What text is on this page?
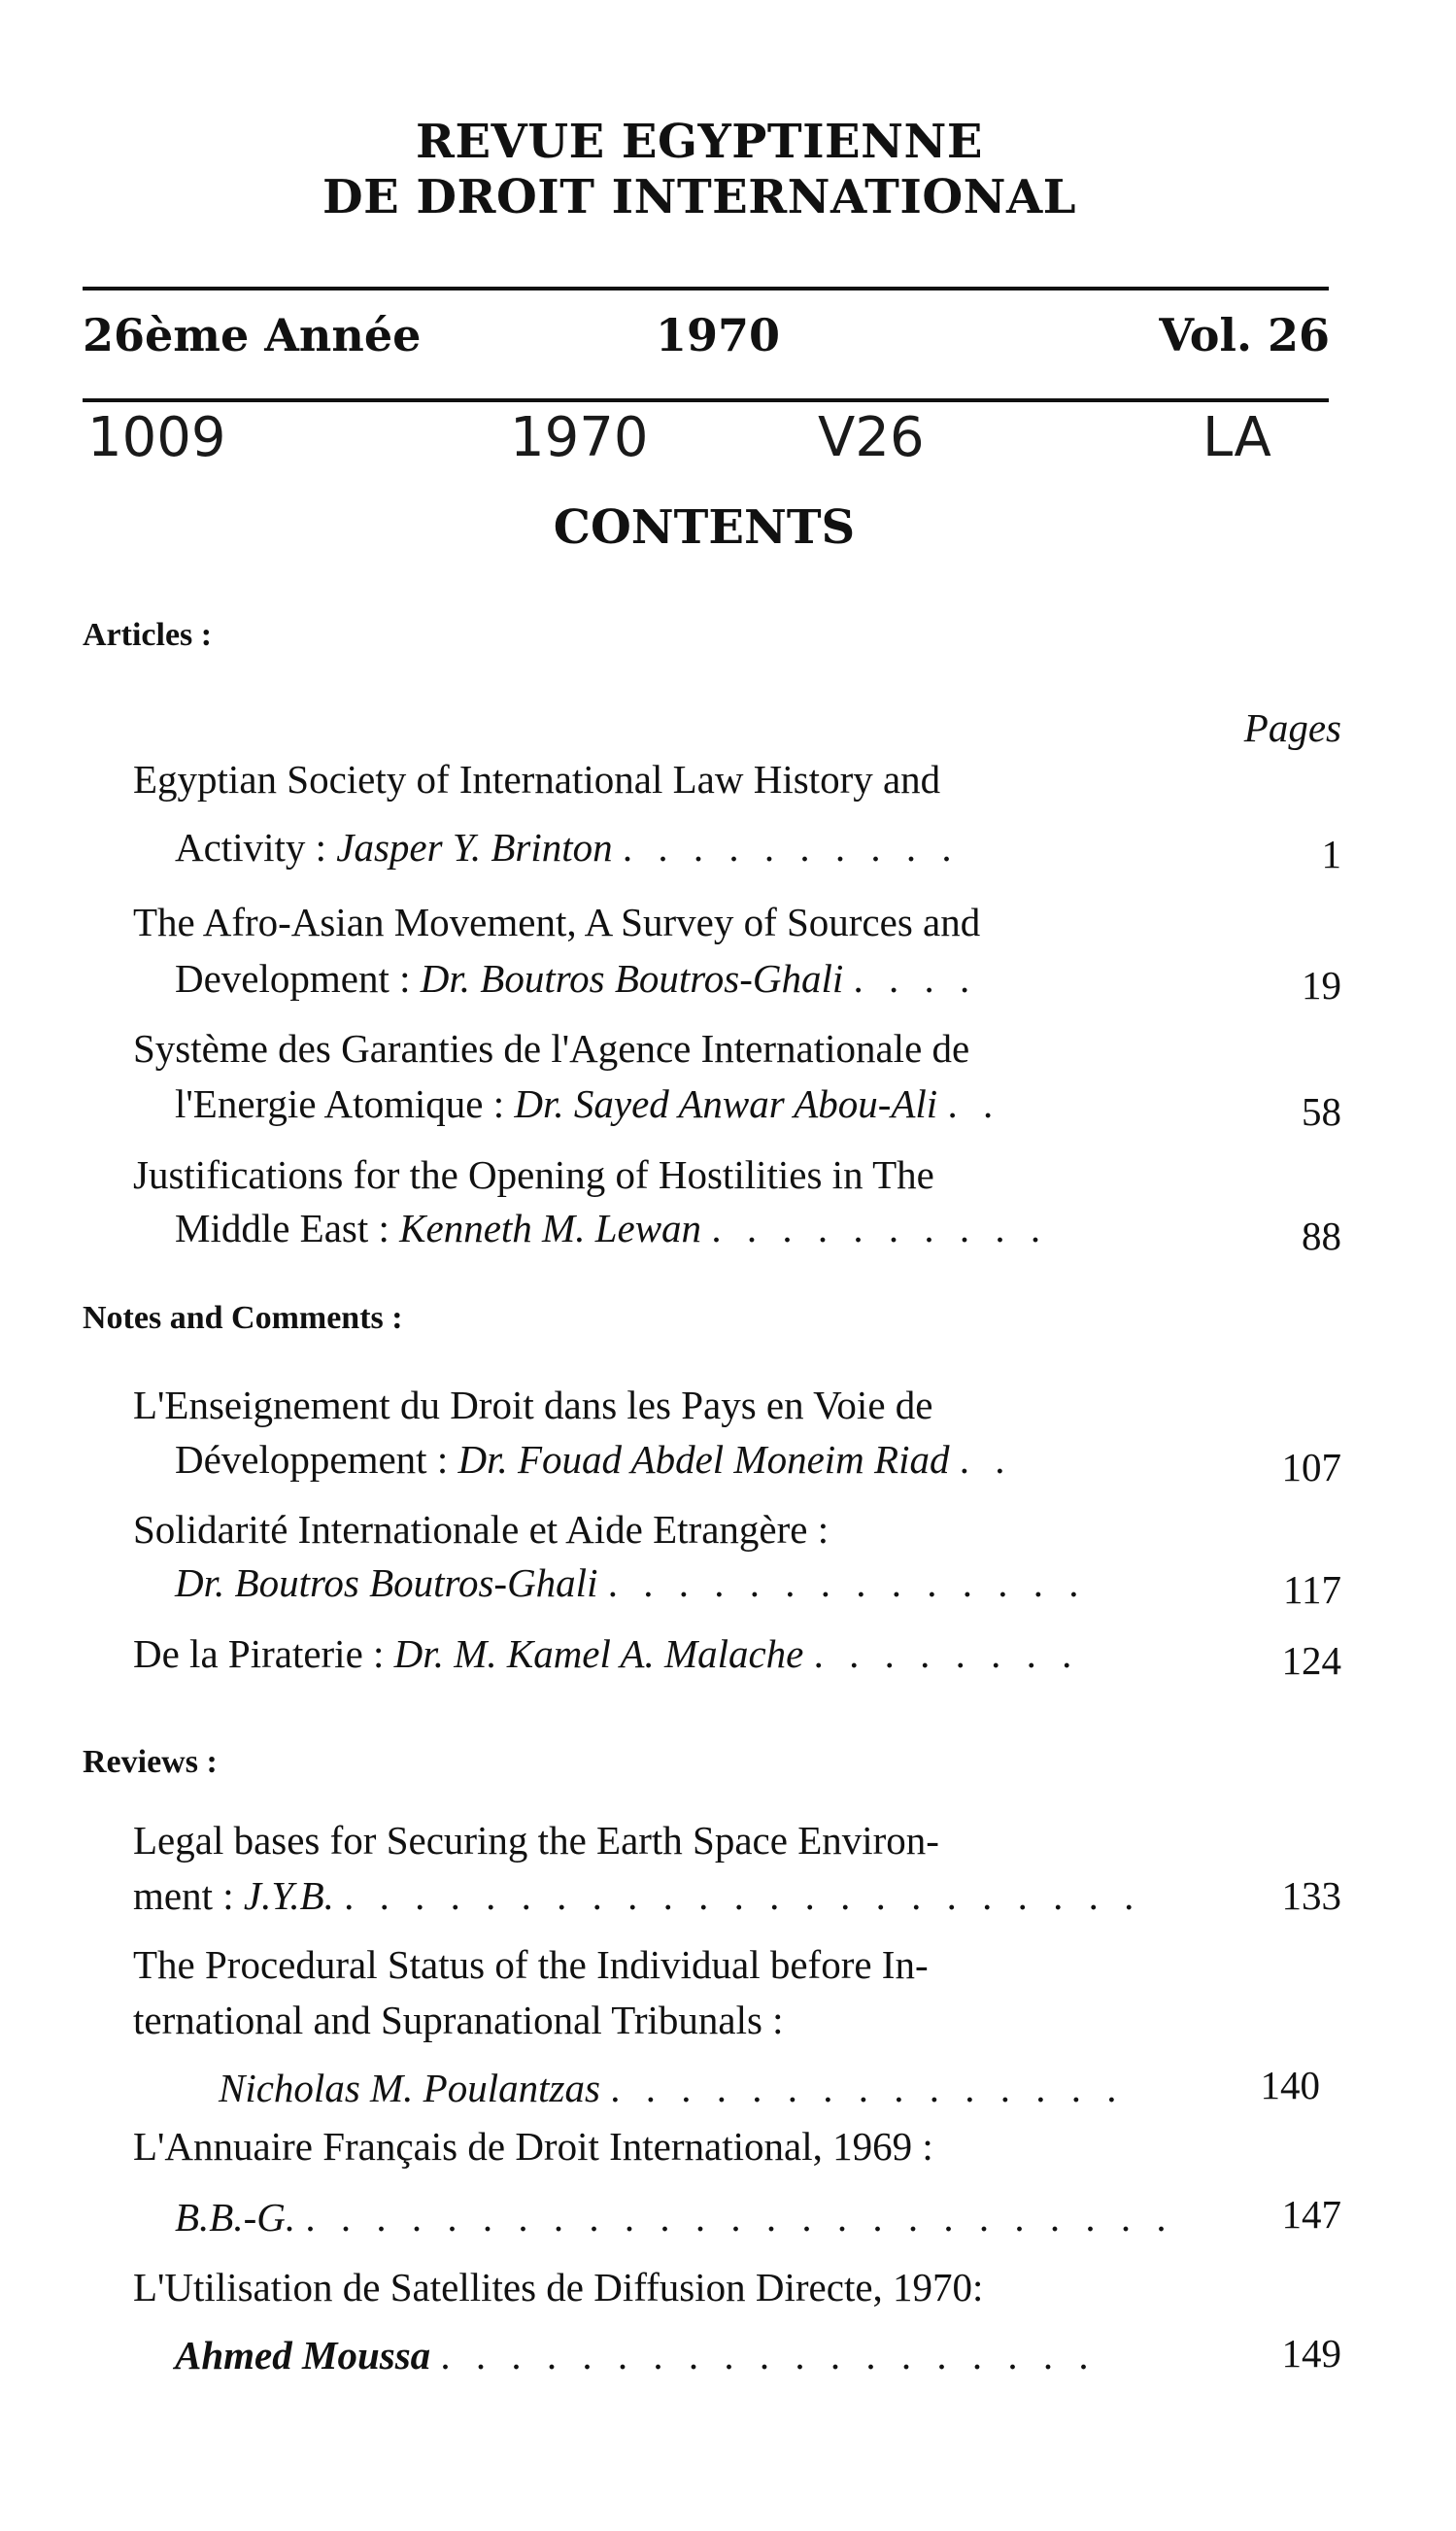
REVUE EGYPTIENNE
DE DROIT INTERNATIONAL
26ème Année	1970	Vol. 26
1009	1970	V26	LA
CONTENTS
Articles :
Pages
Egyptian Society of International Law History and
Activity : Jasper Y. Brinton . . . . . . . . . .	1
The Afro-Asian Movement, A Survey of Sources and
Development : Dr. Boutros Boutros-Ghali . . . .	19
Système des Garanties de l'Agence Internationale de
l'Energie Atomique : Dr. Sayed Anwar Abou-Ali . .	58
Justifications for the Opening of Hostilities in The
Middle East : Kenneth M. Lewan . . . . . . . . . .	88
Notes and Comments :
L'Enseignement du Droit dans les Pays en Voie de
Développement : Dr. Fouad Abdel Moneim Riad . .	107
Solidarité Internationale et Aide Etrangère :
Dr. Boutros Boutros-Ghali . . . . . . . . . . . . . .	117
De la Piraterie : Dr. M. Kamel A. Malache . . . . . . . .	124
Reviews :
Legal bases for Securing the Earth Space Environ-
ment : J.Y.B. . . . . . . . . . . . . . . . . . . . . . . .	133
The Procedural Status of the Individual before In-
ternational and Supranational Tribunals :
Nicholas M. Poulantzas . . . . . . . . . . . . . . .	140
L'Annuaire Français de Droit International, 1969 :
B.B.-G. . . . . . . . . . . . . . . . . . . . . . . . . .	147
L'Utilisation de Satellites de Diffusion Directe, 1970:
Ahmed Moussa . . . . . . . . . . . . . . . . . . .	149
